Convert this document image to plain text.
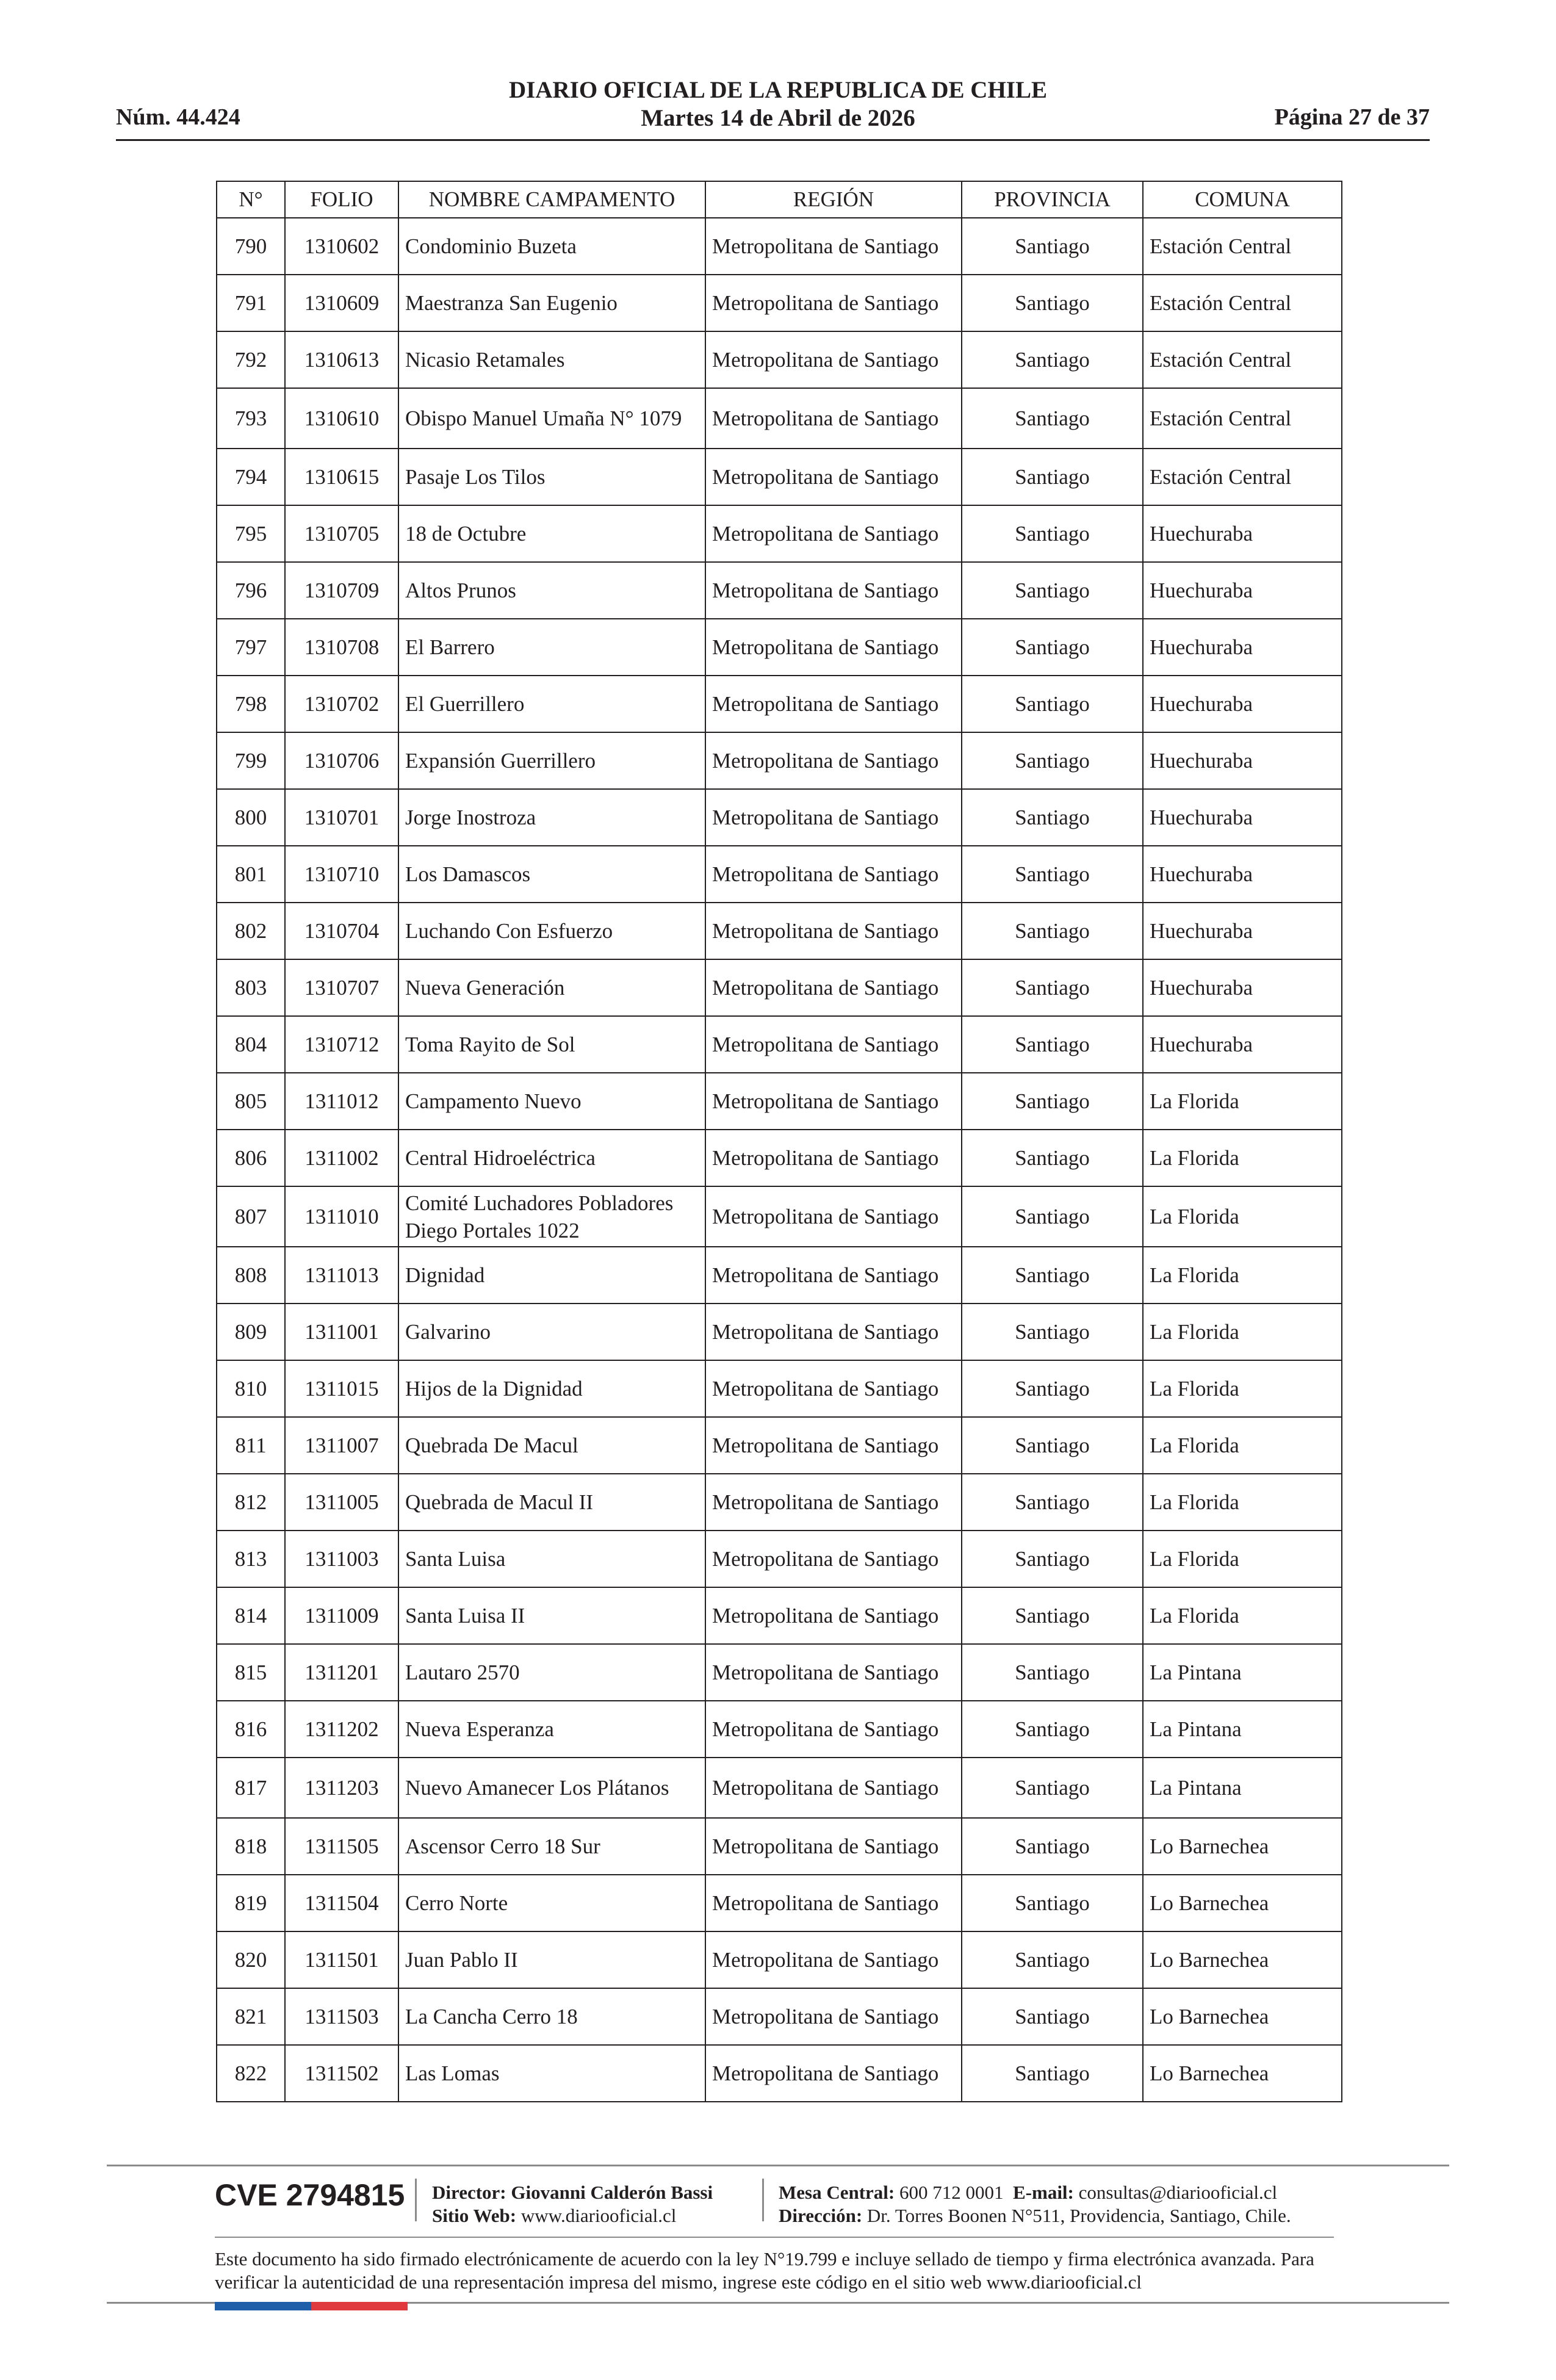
Núm. 44.424
DIARIO OFICIAL DE LA REPUBLICA DE CHILE
Martes 14 de Abril de 2026	Página 27 de 37
N°	FOLIO	NOMBRE CAMPAMENTO	REGIÓN	PROVINCIA	COMUNA
790	1310602	Condominio Buzeta	Metropolitana de Santiago	Santiago	Estación Central
791	1310609	Maestranza San Eugenio	Metropolitana de Santiago	Santiago	Estación Central
792	1310613	Nicasio Retamales	Metropolitana de Santiago	Santiago	Estación Central
793	1310610	Obispo Manuel Umaña N° 1079	Metropolitana de Santiago	Santiago	Estación Central
794	1310615	Pasaje Los Tilos	Metropolitana de Santiago	Santiago	Estación Central
795	1310705	18 de Octubre	Metropolitana de Santiago	Santiago	Huechuraba
796	1310709	Altos Prunos	Metropolitana de Santiago	Santiago	Huechuraba
797	1310708	El Barrero	Metropolitana de Santiago	Santiago	Huechuraba
798	1310702	El Guerrillero	Metropolitana de Santiago	Santiago	Huechuraba
799	1310706	Expansión Guerrillero	Metropolitana de Santiago	Santiago	Huechuraba
800	1310701	Jorge Inostroza	Metropolitana de Santiago	Santiago	Huechuraba
801	1310710	Los Damascos	Metropolitana de Santiago	Santiago	Huechuraba
802	1310704	Luchando Con Esfuerzo	Metropolitana de Santiago	Santiago	Huechuraba
803	1310707	Nueva Generación	Metropolitana de Santiago	Santiago	Huechuraba
804	1310712	Toma Rayito de Sol	Metropolitana de Santiago	Santiago	Huechuraba
805	1311012	Campamento Nuevo	Metropolitana de Santiago	Santiago	La Florida
806	1311002	Central Hidroeléctrica	Metropolitana de Santiago	Santiago	La Florida
807	1311010	Comité Luchadores Pobladores Diego Portales 1022	Metropolitana de Santiago	Santiago	La Florida
808	1311013	Dignidad	Metropolitana de Santiago	Santiago	La Florida
809	1311001	Galvarino	Metropolitana de Santiago	Santiago	La Florida
810	1311015	Hijos de la Dignidad	Metropolitana de Santiago	Santiago	La Florida
811	1311007	Quebrada De Macul	Metropolitana de Santiago	Santiago	La Florida
812	1311005	Quebrada de Macul II	Metropolitana de Santiago	Santiago	La Florida
813	1311003	Santa Luisa	Metropolitana de Santiago	Santiago	La Florida
814	1311009	Santa Luisa II	Metropolitana de Santiago	Santiago	La Florida
815	1311201	Lautaro 2570	Metropolitana de Santiago	Santiago	La Pintana
816	1311202	Nueva Esperanza	Metropolitana de Santiago	Santiago	La Pintana
817	1311203	Nuevo Amanecer Los Plátanos	Metropolitana de Santiago	Santiago	La Pintana
818	1311505	Ascensor Cerro 18 Sur	Metropolitana de Santiago	Santiago	Lo Barnechea
819	1311504	Cerro Norte	Metropolitana de Santiago	Santiago	Lo Barnechea
820	1311501	Juan Pablo II	Metropolitana de Santiago	Santiago	Lo Barnechea
821	1311503	La Cancha Cerro 18	Metropolitana de Santiago	Santiago	Lo Barnechea
822	1311502	Las Lomas	Metropolitana de Santiago	Santiago	Lo Barnechea
CVE 2794815 Director: Giovanni Calderón Bassi
Sitio Web: www.diariooficial.cl
Mesa Central: 600 712 0001 E-mail: consultas@diariooficial.cl
Dirección: Dr. Torres Boonen N°511, Providencia, Santiago, Chile.
Este documento ha sido firmado electrónicamente de acuerdo con la ley N°19.799 e incluye sellado de tiempo y firma electrónica avanzada. Para verificar la autenticidad de una representación impresa del mismo, ingrese este código en el sitio web www.diariooficial.cl
